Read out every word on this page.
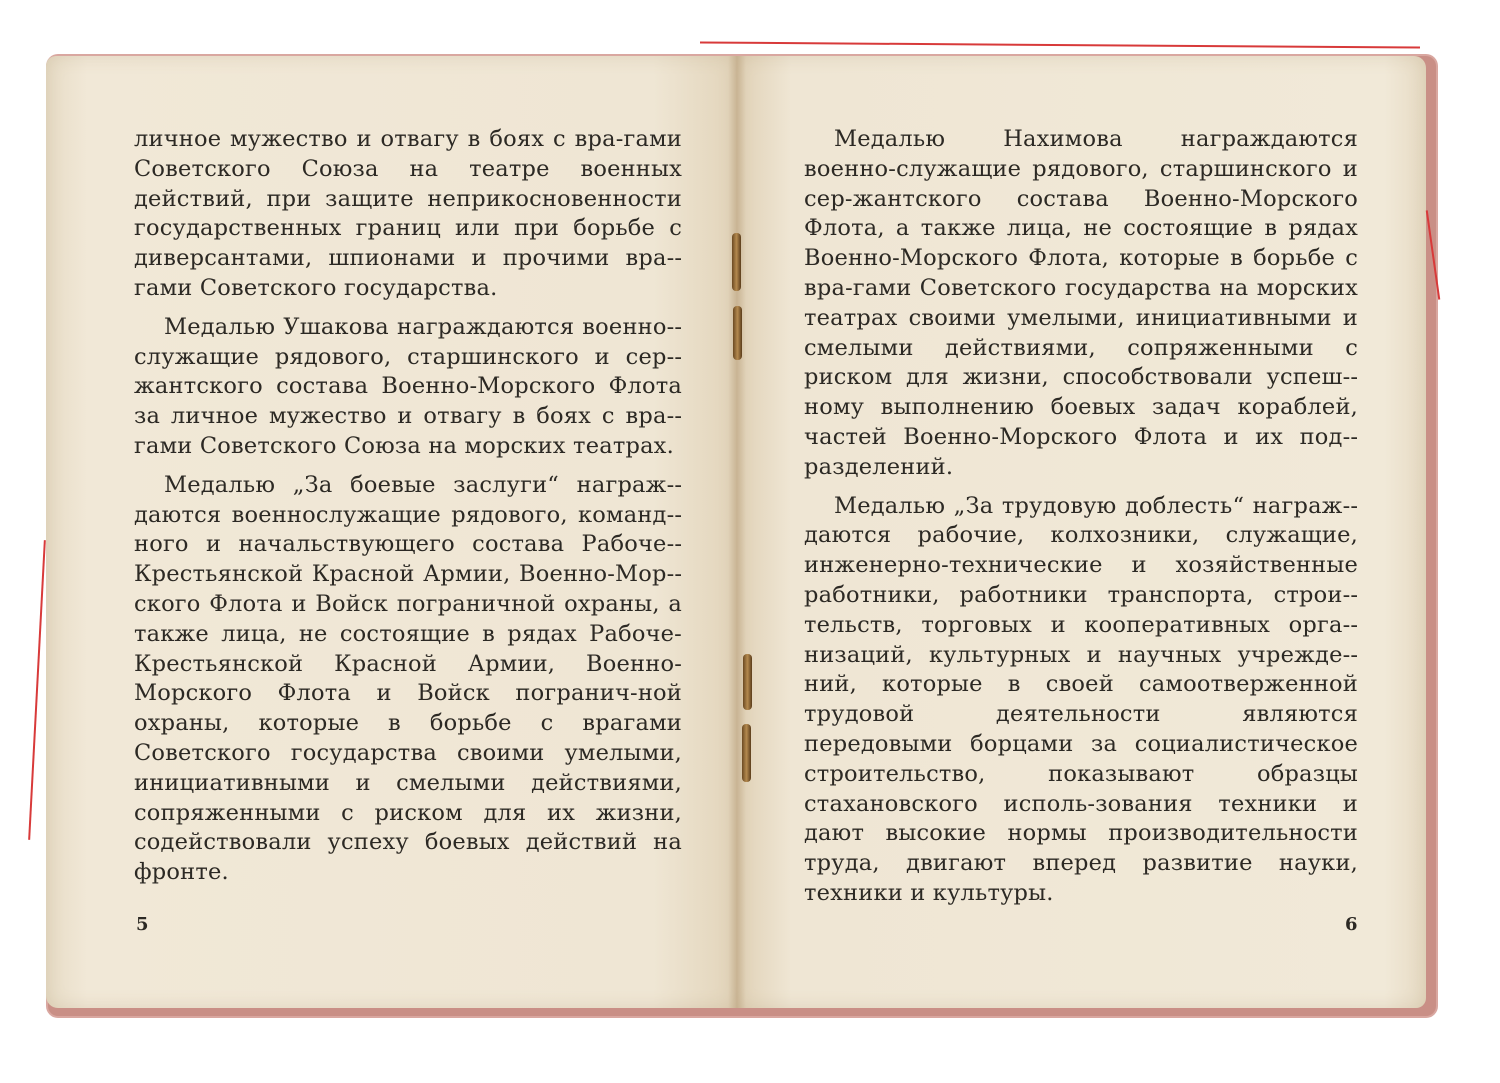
личное мужество и отвагу в боях с вра-гами Советского Союза на театре военных действий, при защите неприкосновенности государственных границ или при борьбе с диверсантами, шпионами и прочими вра-гами Советского государства.

Медалью Ушакова награждаются военно-служащие рядового, старшинского и сер-жантского состава Военно-Морского Флота за личное мужество и отвагу в боях с вра-гами Советского Союза на морских театрах.

Медалью „За боевые заслуги“ награж-даются военнослужащие рядового, команд-ного и начальствующего состава Рабоче-Крестьянской Красной Армии, Военно-Мор-ского Флота и Войск пограничной охраны, а также лица, не состоящие в рядах Рабоче-Крестьянской Красной Армии, Военно-Морского Флота и Войск погранич-ной охраны, которые в борьбе с врагами Советского государства своими умелыми, инициативными и смелыми действиями, сопряженными с риском для их жизни, содействовали успеху боевых действий на фронте.

5

Медалью Нахимова награждаются военно-служащие рядового, старшинского и сер-жантского состава Военно-Морского Флота, а также лица, не состоящие в рядах Военно-Морского Флота, которые в борьбе с вра-гами Советского государства на морских театрах своими умелыми, инициативными и смелыми действиями, сопряженными с риском для жизни, способствовали успеш-ному выполнению боевых задач кораблей, частей Военно-Морского Флота и их под-разделений.

Медалью „За трудовую доблесть“ награж-даются рабочие, колхозники, служащие, инженерно-технические и хозяйственные работники, работники транспорта, строи-тельств, торговых и кооперативных орга-низаций, культурных и научных учрежде-ний, которые в своей самоотверженной трудовой деятельности являются передовыми борцами за социалистическое строительство, показывают образцы стахановского исполь-зования техники и дают высокие нормы производительности труда, двигают вперед развитие науки, техники и культуры.

6
